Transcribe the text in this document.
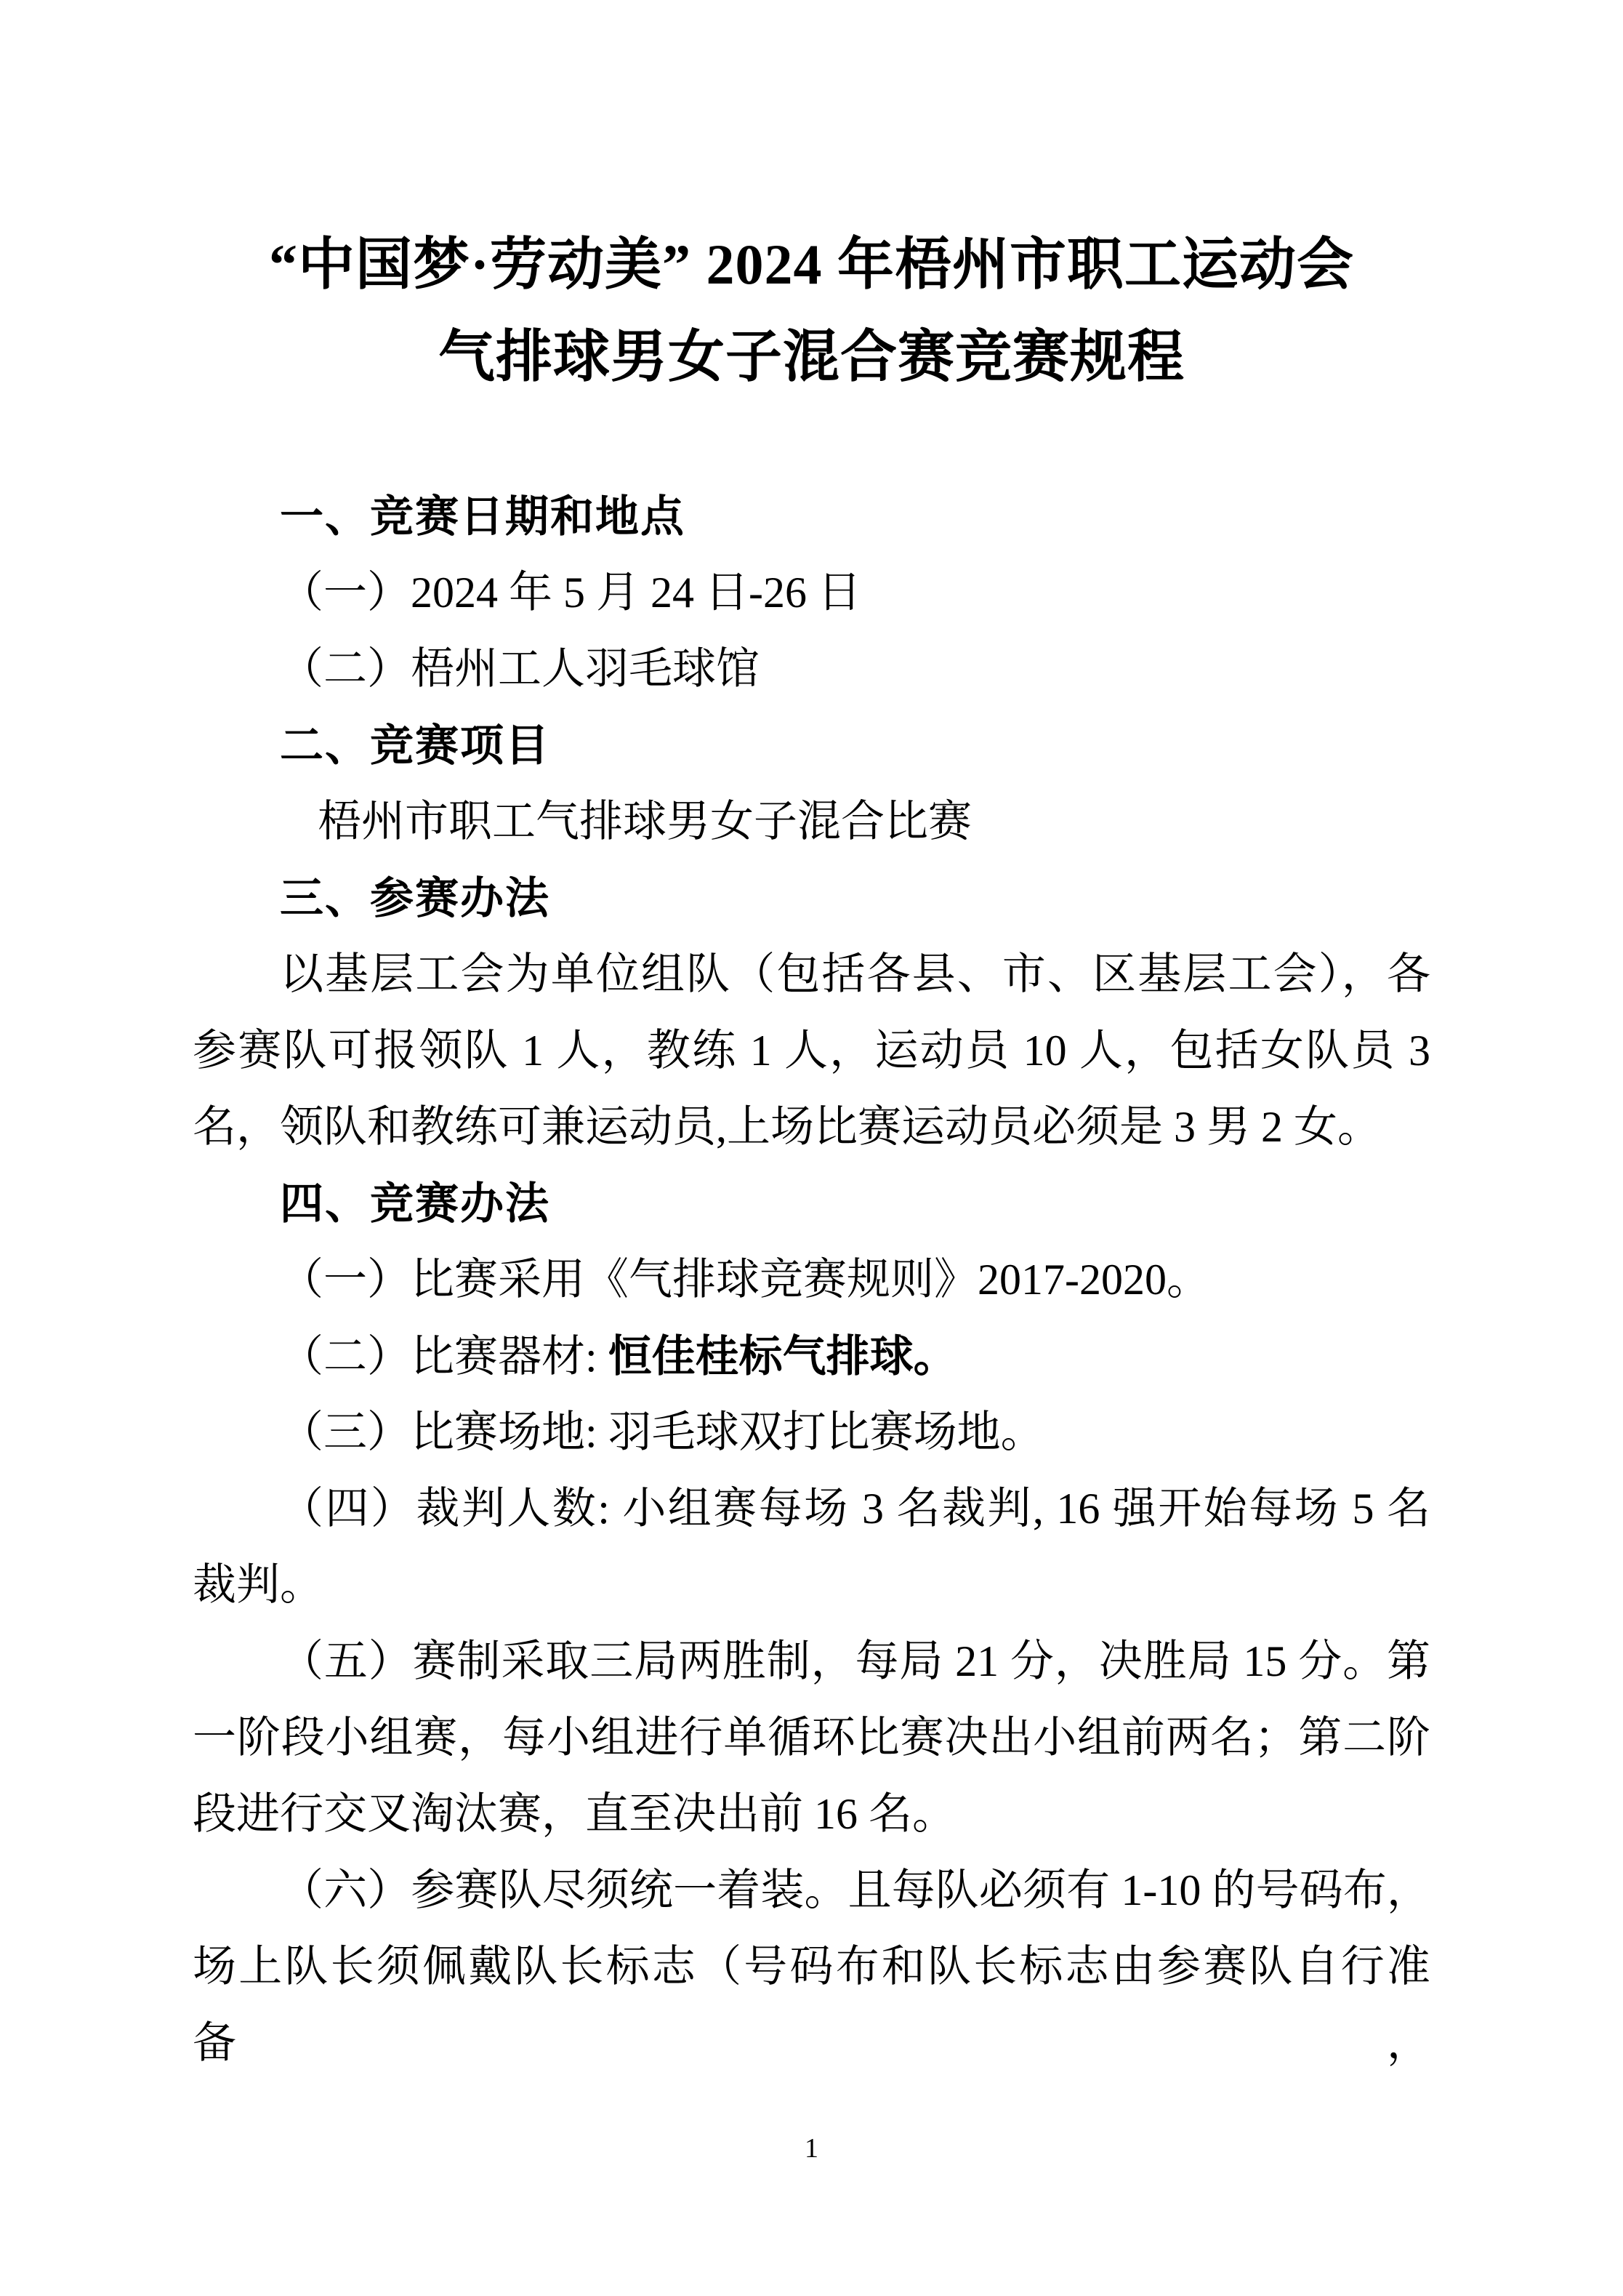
“中国梦·劳动美” 2024 年梧州市职工运动会
气排球男女子混合赛竞赛规程
一、竞赛日期和地点
（一）2024 年 5 月 24 日-26 日
（二）梧州工人羽毛球馆
二、竞赛项目
梧州市职工气排球男女子混合比赛
三、参赛办法
以基层工会为单位组队（包括各县、市、区基层工会），各
参赛队可报领队 1 人，教练 1 人，运动员 10 人，包括女队员 3
名，领队和教练可兼运动员,上场比赛运动员必须是 3 男 2 女。
四、竞赛办法
（一）比赛采用《气排球竞赛规则》2017-2020。
（二）比赛器材: 恒佳桂标气排球。
（三）比赛场地: 羽毛球双打比赛场地。
（四）裁判人数: 小组赛每场 3 名裁判, 16 强开始每场 5 名
裁判。
（五）赛制采取三局两胜制，每局 21 分，决胜局 15 分。第
一阶段小组赛，每小组进行单循环比赛决出小组前两名；第二阶
段进行交叉淘汰赛，直至决出前 16 名。
（六）参赛队尽须统一着装。且每队必须有 1-10 的号码布，
场上队长须佩戴队长标志（号码布和队长标志由参赛队自行准备，
1
